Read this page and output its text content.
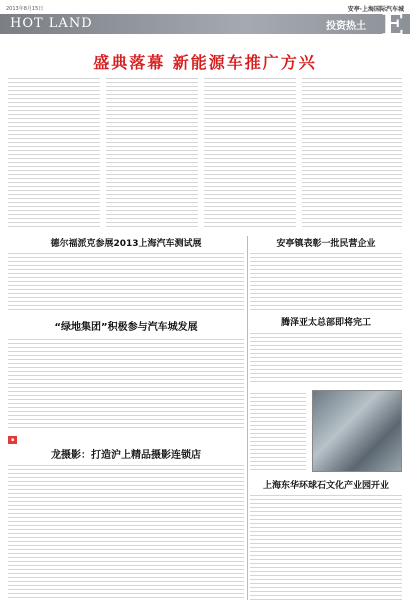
2013年8月15日	安亭·上海国际汽车城
HOT LAND	投资热土 E
盛典落幕 新能源车推广方兴
安亭镇表彰一批民营企业
腾泽亚太总部即将完工
德尔福派克参展2013上海汽车测试展
“绿地集团”积极参与汽车城发展
▪
龙摄影：打造沪上精品摄影连锁店
上海东华环球石文化产业园开业
